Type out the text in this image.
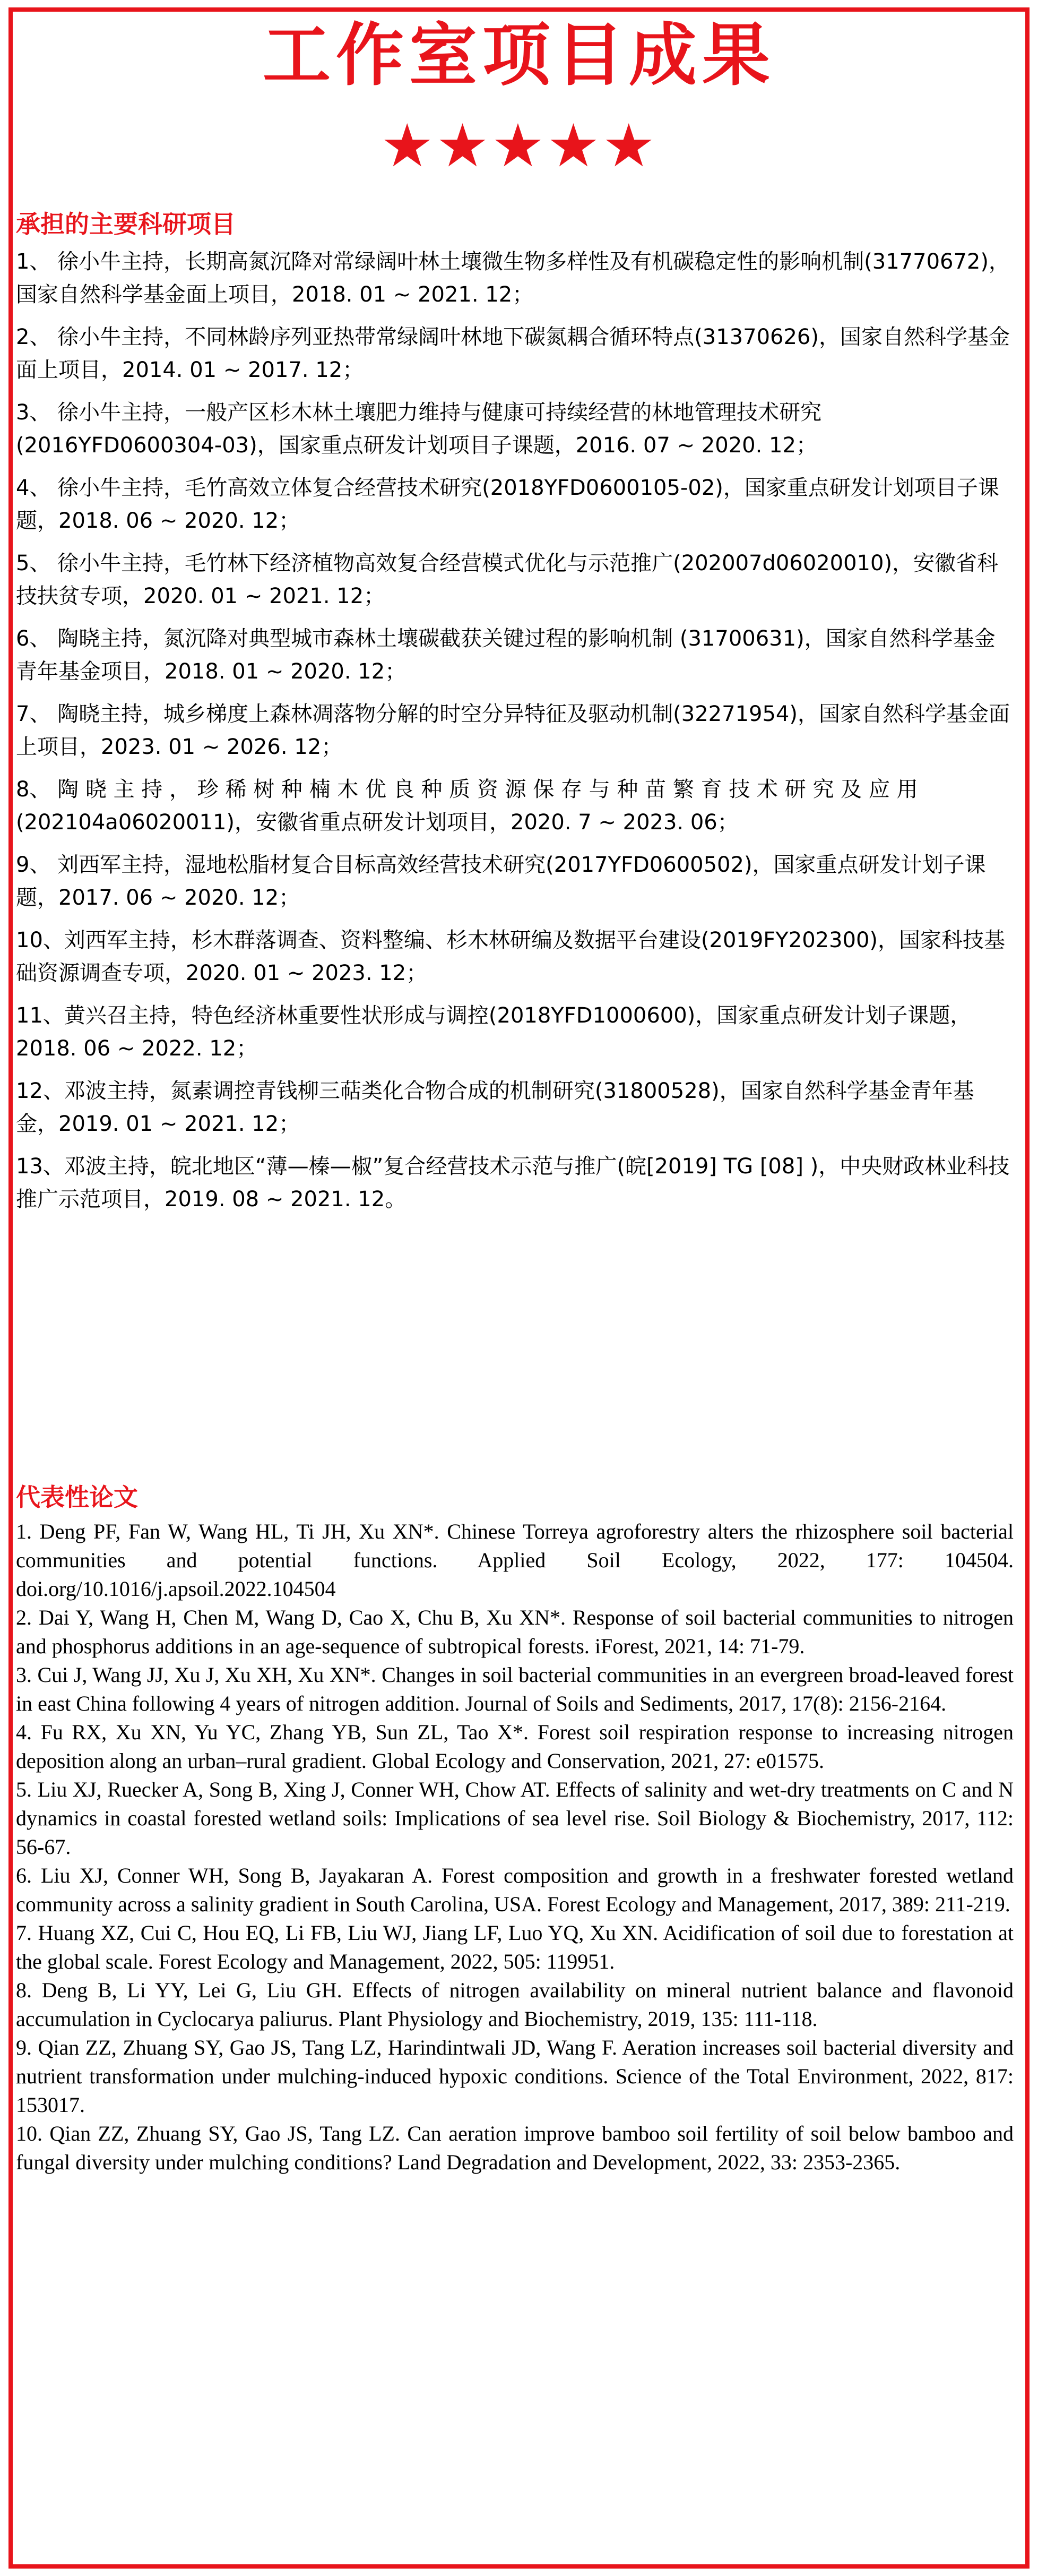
工作室项目成果
★★★★★
承担的主要科研项目
1、 徐小牛主持，长期高氮沉降对常绿阔叶林土壤微生物多样性及有机碳稳定性的影响机制(31770672)，国家自然科学基金面上项目，2018. 01 ~ 2021. 12；
2、 徐小牛主持，不同林龄序列亚热带常绿阔叶林地下碳氮耦合循环特点(31370626)，国家自然科学基金面上项目，2014. 01 ~ 2017. 12；
3、 徐小牛主持，一般产区杉木林土壤肥力维持与健康可持续经营的林地管理技术研究(2016YFD0600304-03)，国家重点研发计划项目子课题，2016. 07 ~ 2020. 12；
4、 徐小牛主持，毛竹高效立体复合经营技术研究(2018YFD0600105-02)，国家重点研发计划项目子课题，2018. 06 ~ 2020. 12；
5、 徐小牛主持，毛竹林下经济植物高效复合经营模式优化与示范推广(202007d06020010)，安徽省科技扶贫专项，2020. 01 ~ 2021. 12；
6、 陶晓主持，氮沉降对典型城市森林土壤碳截获关键过程的影响机制 (31700631)，国家自然科学基金青年基金项目，2018. 01 ~ 2020. 12；
7、 陶晓主持，城乡梯度上森林凋落物分解的时空分异特征及驱动机制(32271954)，国家自然科学基金面上项目，2023. 01 ~ 2026. 12；
8、 陶 晓 主 持 ， 珍 稀 树 种 楠 木 优 良 种 质 资 源 保 存 与 种 苗 繁 育 技 术 研 究 及 应 用 (202104a06020011)，安徽省重点研发计划项目，2020. 7 ~ 2023. 06；
9、 刘西军主持，湿地松脂材复合目标高效经营技术研究(2017YFD0600502)，国家重点研发计划子课题，2017. 06 ~ 2020. 12；
10、刘西军主持，杉木群落调查、资料整编、杉木林研编及数据平台建设(2019FY202300)，国家科技基础资源调查专项，2020. 01 ~ 2023. 12；
11、黄兴召主持，特色经济林重要性状形成与调控(2018YFD1000600)，国家重点研发计划子课题，2018. 06 ~ 2022. 12；
12、邓波主持，氮素调控青钱柳三萜类化合物合成的机制研究(31800528)，国家自然科学基金青年基金，2019. 01 ~ 2021. 12；
13、邓波主持，皖北地区“薄—榛—椒”复合经营技术示范与推广(皖[2019] TG [08] )，中央财政林业科技推广示范项目，2019. 08 ~ 2021. 12。
代表性论文
1. Deng PF, Fan W, Wang HL, Ti JH, Xu XN*. Chinese Torreya agroforestry alters the rhizosphere soil bacterial communities and potential functions. Applied Soil Ecology, 2022, 177: 104504. doi.org/10.1016/j.apsoil.2022.104504
2. Dai Y, Wang H, Chen M, Wang D, Cao X, Chu B, Xu XN*. Response of soil bacterial communities to nitrogen and phosphorus additions in an age-sequence of subtropical forests. iForest, 2021, 14: 71-79.
3. Cui J, Wang JJ, Xu J, Xu XH, Xu XN*. Changes in soil bacterial communities in an evergreen broad-leaved forest in east China following 4 years of nitrogen addition. Journal of Soils and Sediments, 2017, 17(8): 2156-2164.
4. Fu RX, Xu XN, Yu YC, Zhang YB, Sun ZL, Tao X*. Forest soil respiration response to increasing nitrogen deposition along an urban–rural gradient. Global Ecology and Conservation, 2021, 27: e01575.
5. Liu XJ, Ruecker A, Song B, Xing J, Conner WH, Chow AT. Effects of salinity and wet-dry treatments on C and N dynamics in coastal forested wetland soils: Implications of sea level rise. Soil Biology & Biochemistry, 2017, 112: 56-67.
6. Liu XJ, Conner WH, Song B, Jayakaran A. Forest composition and growth in a freshwater forested wetland community across a salinity gradient in South Carolina, USA. Forest Ecology and Management, 2017, 389: 211-219.
7. Huang XZ, Cui C, Hou EQ, Li FB, Liu WJ, Jiang LF, Luo YQ, Xu XN. Acidification of soil due to forestation at the global scale. Forest Ecology and Management, 2022, 505: 119951.
8. Deng B, Li YY, Lei G, Liu GH. Effects of nitrogen availability on mineral nutrient balance and flavonoid accumulation in Cyclocarya paliurus. Plant Physiology and Biochemistry, 2019, 135: 111-118.
9. Qian ZZ, Zhuang SY, Gao JS, Tang LZ, Harindintwali JD, Wang F. Aeration increases soil bacterial diversity and nutrient transformation under mulching-induced hypoxic conditions. Science of the Total Environment, 2022, 817: 153017.
10. Qian ZZ, Zhuang SY, Gao JS, Tang LZ. Can aeration improve bamboo soil fertility of soil below bamboo and fungal diversity under mulching conditions? Land Degradation and Development, 2022, 33: 2353-2365.
